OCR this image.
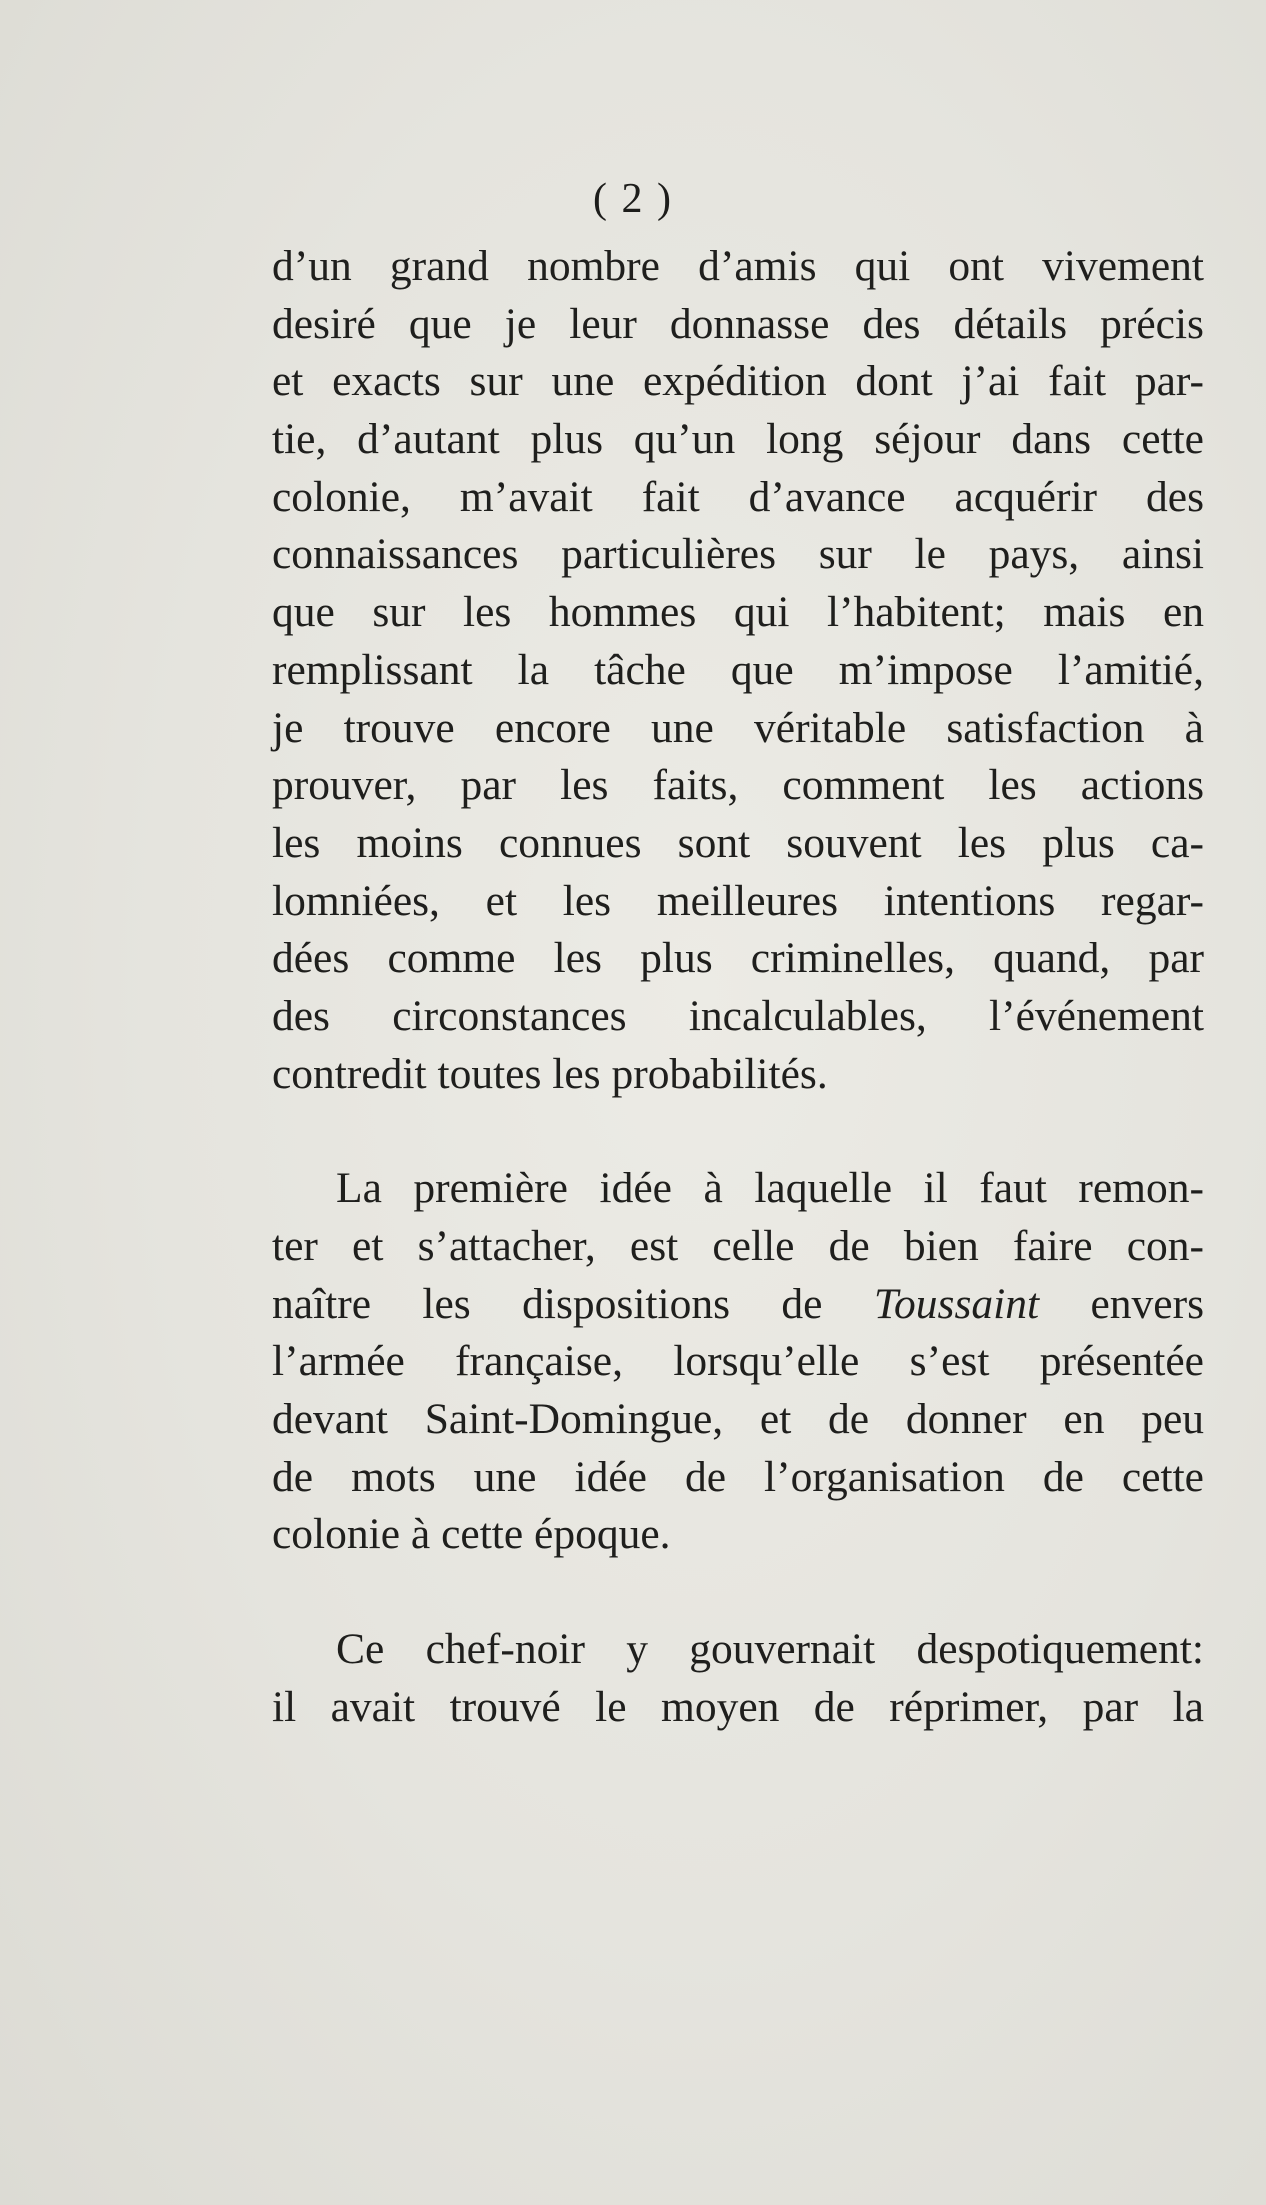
( 2 )
d’un grand nombre d’amis qui ont vivement
desiré que je leur donnasse des détails précis
et exacts sur une expédition dont j’ai fait par-
tie, d’autant plus qu’un long séjour dans cette
colonie, m’avait fait d’avance acquérir des
connaissances particulières sur le pays, ainsi
que sur les hommes qui l’habitent; mais en
remplissant la tâche que m’impose l’amitié,
je trouve encore une véritable satisfaction à
prouver, par les faits, comment les actions
les moins connues sont souvent les plus ca-
lomniées, et les meilleures intentions regar-
dées comme les plus criminelles, quand, par
des circonstances incalculables, l’événement
contredit toutes les probabilités.
La première idée à laquelle il faut remon-
ter et s’attacher, est celle de bien faire con-
naître les dispositions de Toussaint envers
l’armée française, lorsqu’elle s’est présentée
devant Saint-Domingue, et de donner en peu
de mots une idée de l’organisation de cette
colonie à cette époque.
Ce chef-noir y gouvernait despotiquement:
il avait trouvé le moyen de réprimer, par la
